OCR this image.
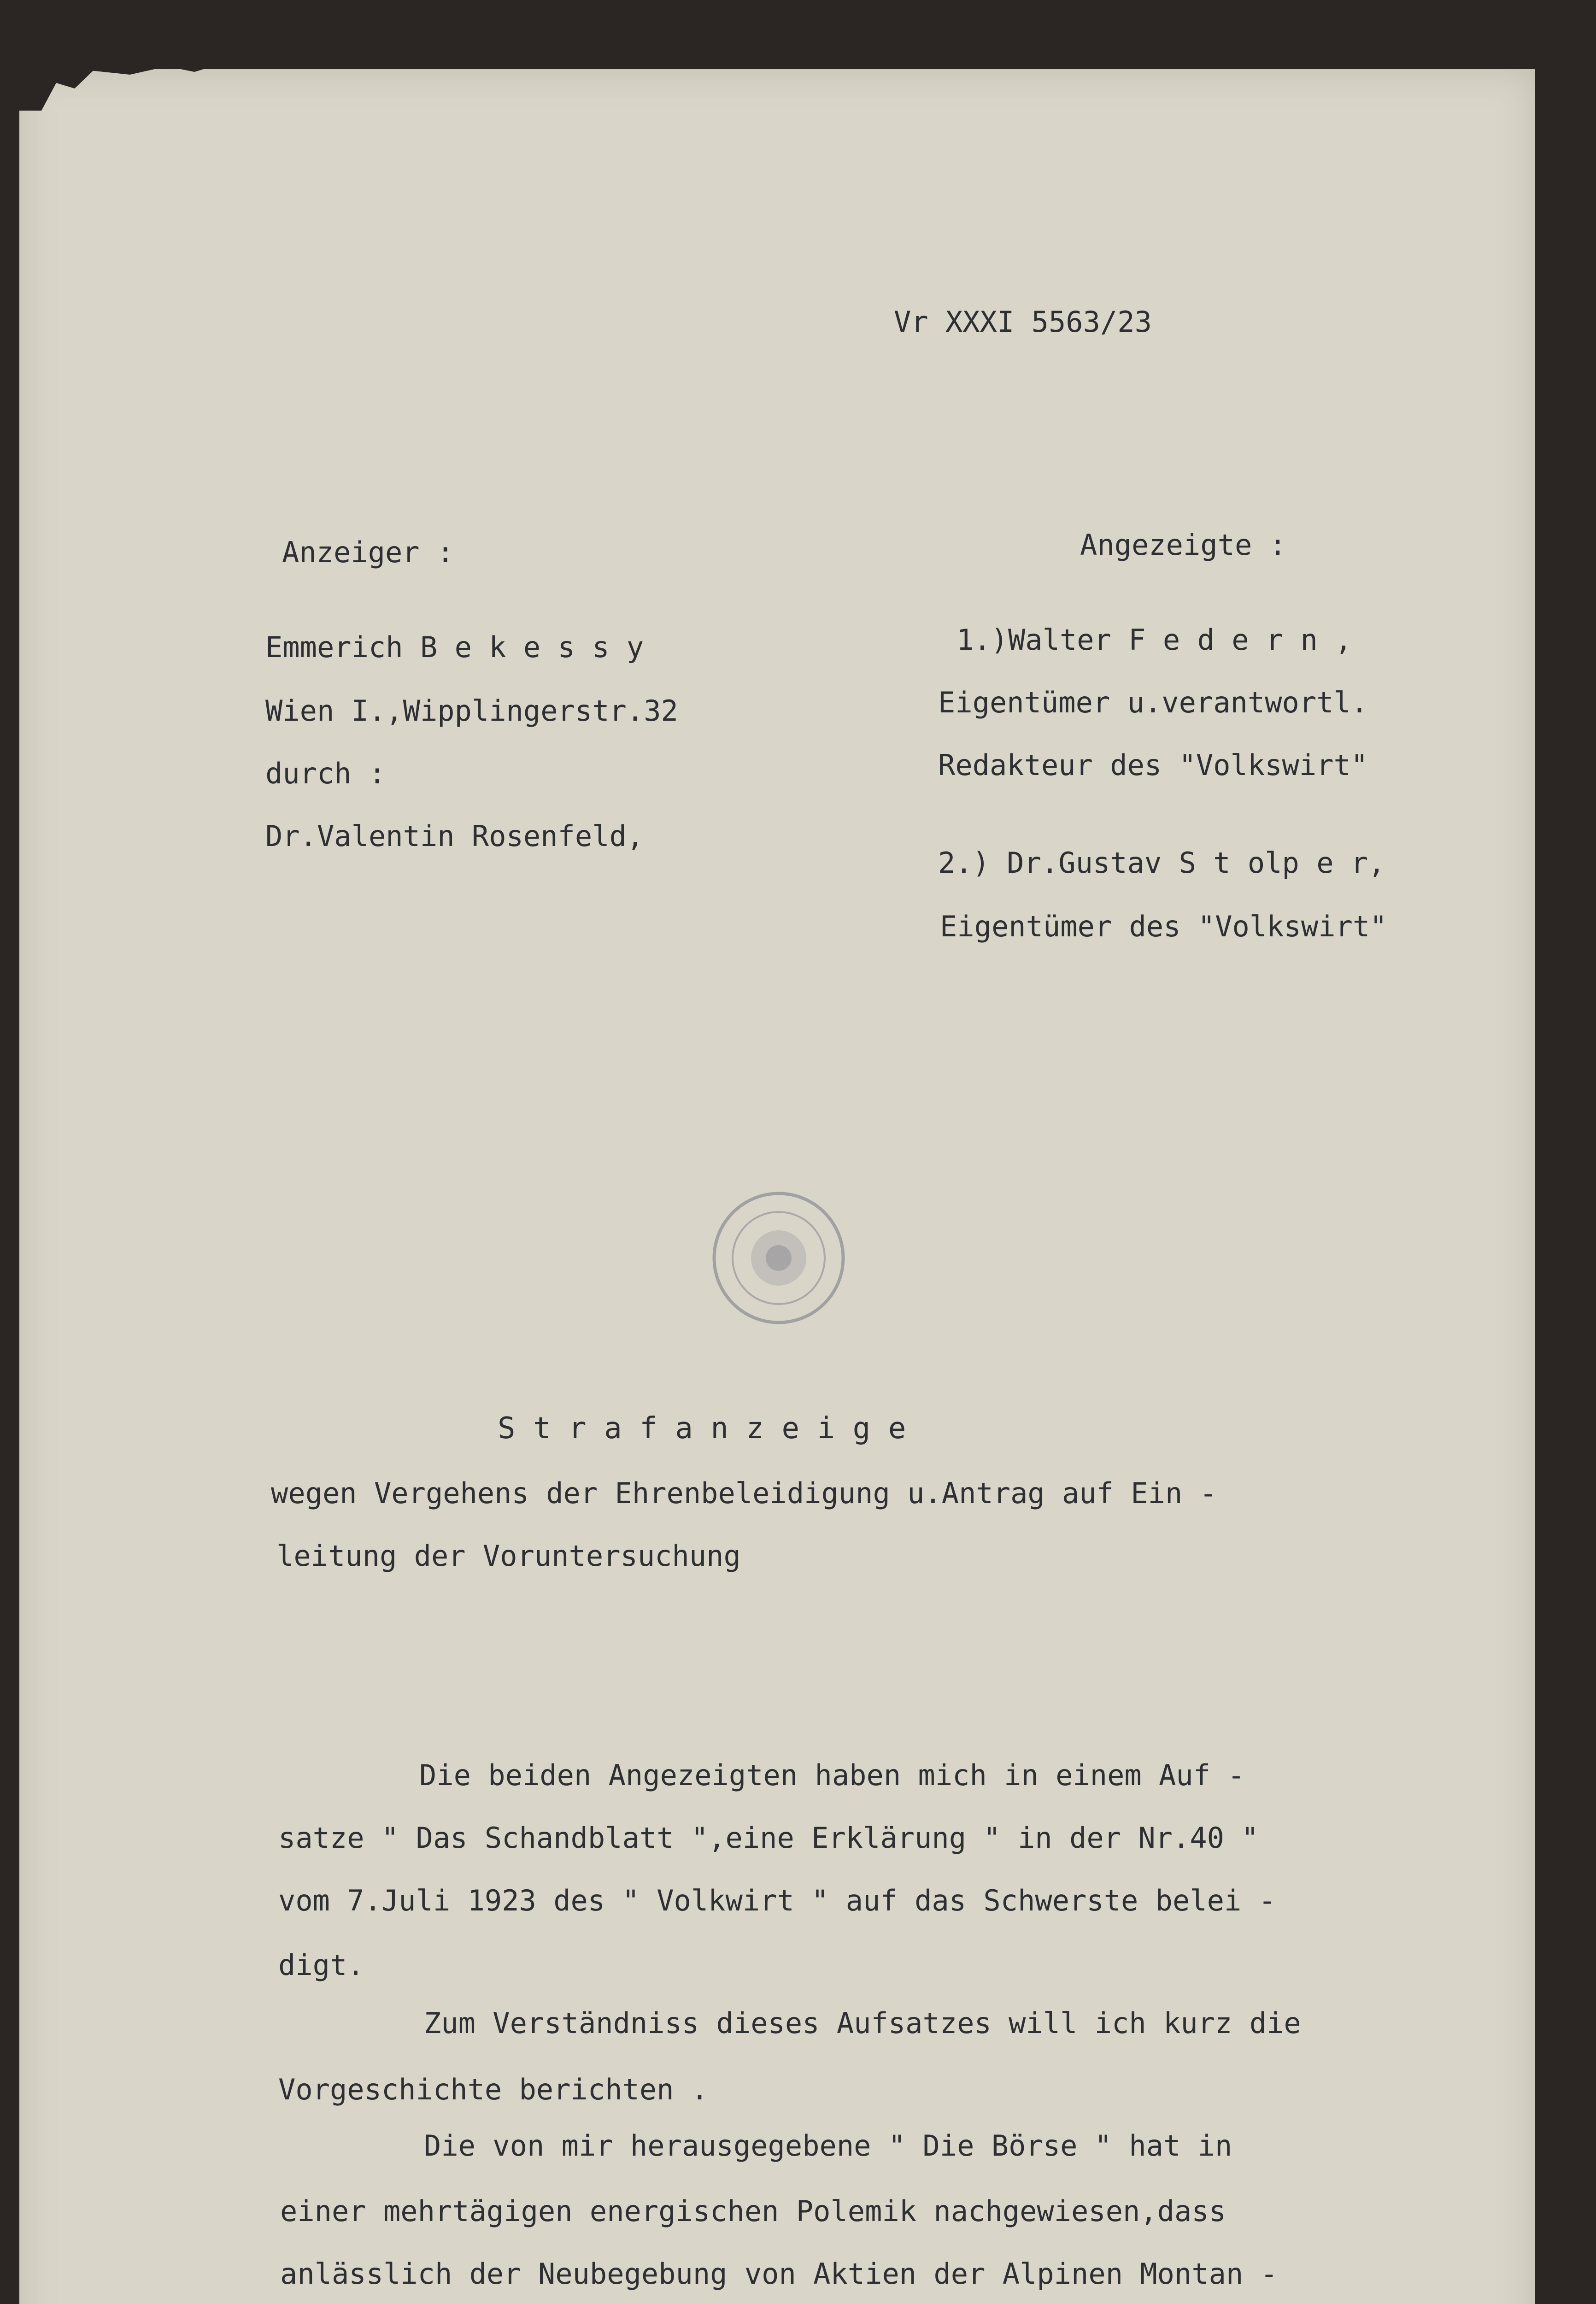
Vr XXXI 5563/23
Anzeiger :
Emmerich B e k e s s y
Wien I.,Wipplingerstr.32
durch :
Dr.Valentin Rosenfeld,
Angezeigte :
1.)Walter F e d e r n ,
Eigentümer u.verantwortl.
Redakteur des "Volkswirt"
2.) Dr.Gustav S t olp e r,
Eigentümer des "Volkswirt"
S t r a f a n z e i g e
wegen Vergehens der Ehrenbeleidigung u.Antrag auf Ein -
leitung der Voruntersuchung
Die beiden Angezeigten haben mich in einem Auf -
satze " Das Schandblatt ",eine Erklärung " in der Nr.40 "
vom 7.Juli 1923 des " Volkwirt " auf das Schwerste belei -
digt.
Zum Verständniss dieses Aufsatzes will ich kurz die
Vorgeschichte berichten .
Die von mir herausgegebene " Die Börse " hat in
einer mehrtägigen energischen Polemik nachgewiesen,dass
anlässlich der Neubegebung von Aktien der Alpinen Montan -
